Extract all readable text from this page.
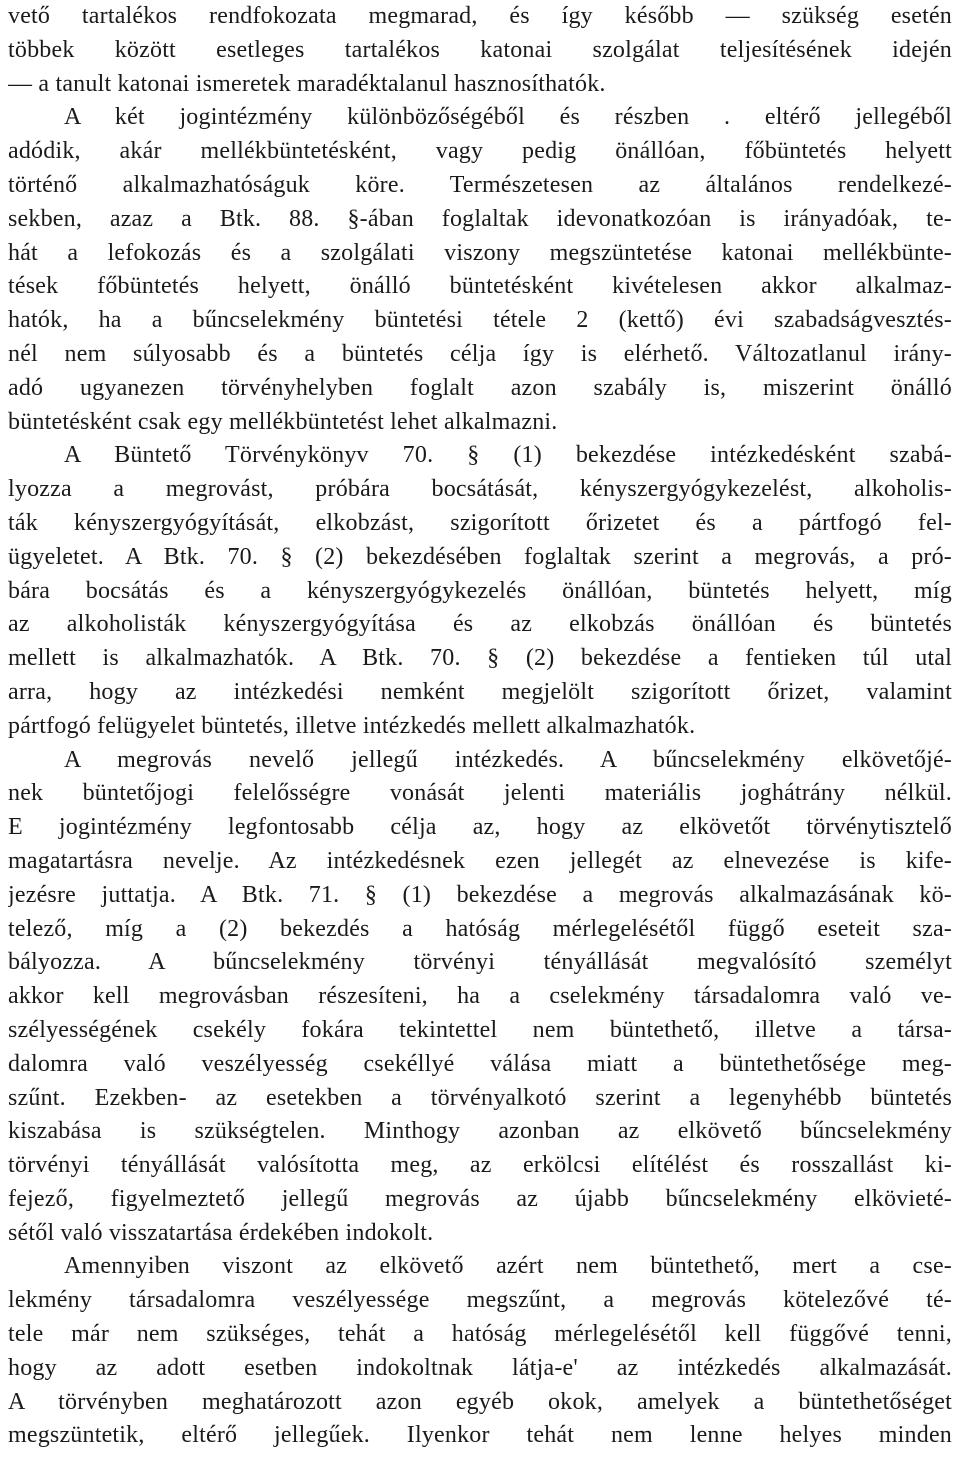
vető tartalékos rendfokozata megmarad, és így később — szükség esetén
többek között esetleges tartalékos katonai szolgálat teljesítésének idején
— a tanult katonai ismeretek maradéktalanul hasznosíthatók.
A két jogintézmény különbözőségéből és részben . eltérő jellegéből
adódik, akár mellékbüntetésként, vagy pedig önállóan, főbüntetés helyett
történő alkalmazhatóságuk köre. Természetesen az általános rendelkezé-
sekben, azaz a Btk. 88. §-ában foglaltak idevonatkozóan is irányadóak, te-
hát a lefokozás és a szolgálati viszony megszüntetése katonai mellékbünte-
tések főbüntetés helyett, önálló büntetésként kivételesen akkor alkalmaz-
hatók, ha a bűncselekmény büntetési tétele 2 (kettő) évi szabadságvesztés-
nél nem súlyosabb és a büntetés célja így is elérhető. Változatlanul irány-
adó ugyanezen törvényhelyben foglalt azon szabály is, miszerint önálló
büntetésként csak egy mellékbüntetést lehet alkalmazni.
A Büntető Törvénykönyv 70. § (1) bekezdése intézkedésként szabá-
lyozza a megrovást, próbára bocsátását, kényszergyógykezelést, alkoholis-
ták kényszergyógyítását, elkobzást, szigorított őrizetet és a pártfogó fel-
ügyeletet. A Btk. 70. § (2) bekezdésében foglaltak szerint a megrovás, a pró-
bára bocsátás és a kényszergyógykezelés önállóan, büntetés helyett, míg
az alkoholisták kényszergyógyítása és az elkobzás önállóan és büntetés
mellett is alkalmazhatók. A Btk. 70. § (2) bekezdése a fentieken túl utal
arra, hogy az intézkedési nemként megjelölt szigorított őrizet, valamint
pártfogó felügyelet büntetés, illetve intézkedés mellett alkalmazhatók.
A megrovás nevelő jellegű intézkedés. A bűncselekmény elkövetőjé-
nek büntetőjogi felelősségre vonását jelenti materiális joghátrány nélkül.
E jogintézmény legfontosabb célja az, hogy az elkövetőt törvénytisztelő
magatartásra nevelje. Az intézkedésnek ezen jellegét az elnevezése is kife-
jezésre juttatja. A Btk. 71. § (1) bekezdése a megrovás alkalmazásának kö-
telező, míg a (2) bekezdés a hatóság mérlegelésétől függő eseteit sza-
bályozza. A bűncselekmény törvényi tényállását megvalósító személyt
akkor kell megrovásban részesíteni, ha a cselekmény társadalomra való ve-
szélyességének csekély fokára tekintettel nem büntethető, illetve a társa-
dalomra való veszélyesség csekéllyé válása miatt a büntethetősége meg-
szűnt. Ezekben- az esetekben a törvényalkotó szerint a legenyhébb büntetés
kiszabása is szükségtelen. Minthogy azonban az elkövető bűncselekmény
törvényi tényállását valósította meg, az erkölcsi elítélést és rosszallást ki-
fejező, figyelmeztető jellegű megrovás az újabb bűncselekmény elkövieté-
sétől való visszatartása érdekében indokolt.
Amennyiben viszont az elkövető azért nem büntethető, mert a cse-
lekmény társadalomra veszélyessége megszűnt, a megrovás kötelezővé té-
tele már nem szükséges, tehát a hatóság mérlegelésétől kell függővé tenni,
hogy az adott esetben indokoltnak látja-e' az intézkedés alkalmazását.
A törvényben meghatározott azon egyéb okok, amelyek a büntethetőséget
megszüntetik, eltérő jellegűek. Ilyenkor tehát nem lenne helyes minden
